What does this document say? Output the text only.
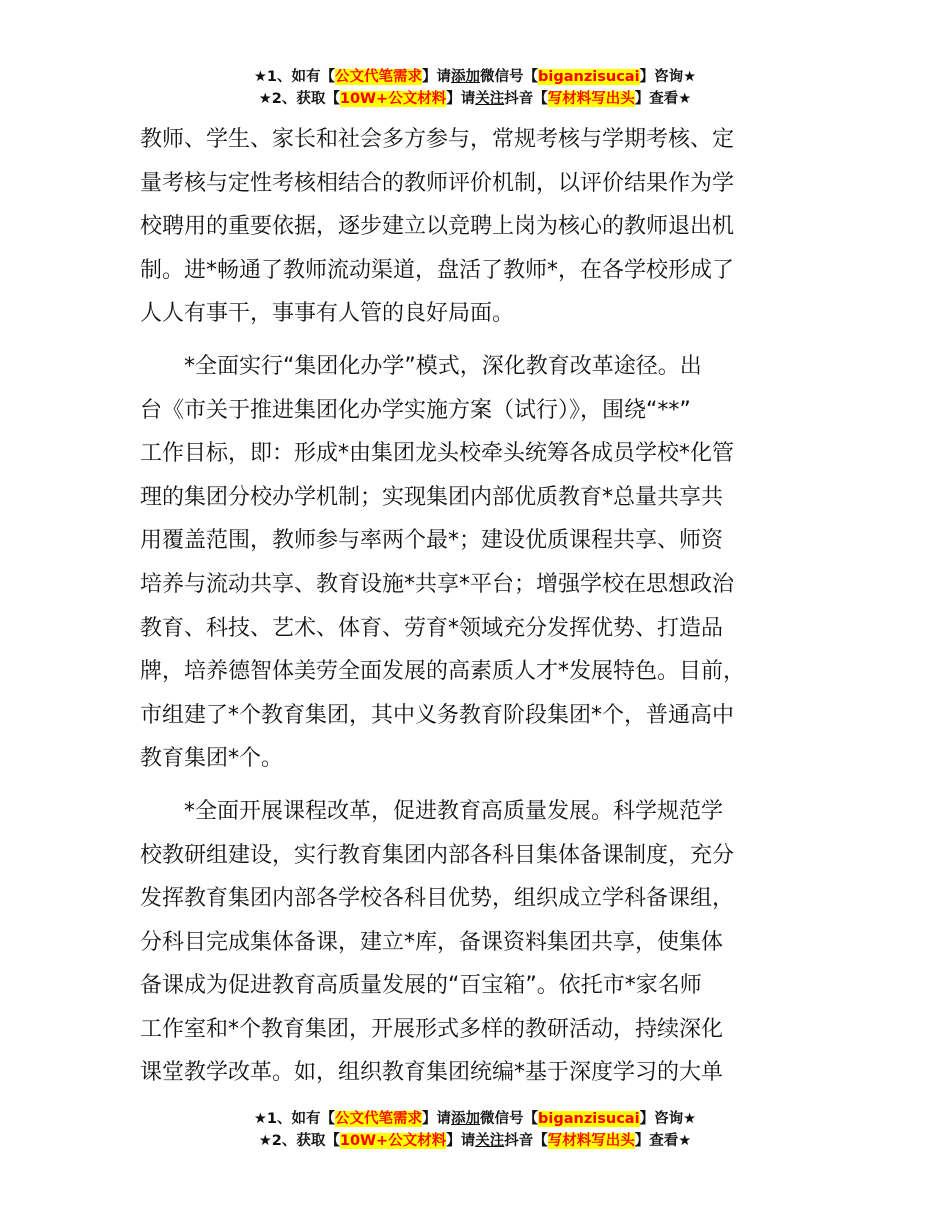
★1、如有【公文代笔需求】请添加微信号【biganzisucai】咨询★
★2、获取【10W+公文材料】请关注抖音【写材料写出头】查看★
教师、学生、家长和社会多方参与，常规考核与学期考核、定
量考核与定性考核相结合的教师评价机制，以评价结果作为学
校聘用的重要依据，逐步建立以竞聘上岗为核心的教师退出机
制。进*畅通了教师流动渠道，盘活了教师*，在各学校形成了
人人有事干，事事有人管的良好局面。
*全面实行“集团化办学”模式，深化教育改革途径。出
台《市关于推进集团化办学实施方案（试行）》，围绕“**”
工作目标，即：形成*由集团龙头校牵头统筹各成员学校*化管
理的集团分校办学机制；实现集团内部优质教育*总量共享共
用覆盖范围，教师参与率两个最*；建设优质课程共享、师资
培养与流动共享、教育设施*共享*平台；增强学校在思想政治
教育、科技、艺术、体育、劳育*领域充分发挥优势、打造品
牌，培养德智体美劳全面发展的高素质人才*发展特色。目前，
市组建了*个教育集团，其中义务教育阶段集团*个，普通高中
教育集团*个。
*全面开展课程改革，促进教育高质量发展。科学规范学
校教研组建设，实行教育集团内部各科目集体备课制度，充分
发挥教育集团内部各学校各科目优势，组织成立学科备课组，
分科目完成集体备课，建立*库，备课资料集团共享，使集体
备课成为促进教育高质量发展的“百宝箱”。依托市*家名师
工作室和*个教育集团，开展形式多样的教研活动，持续深化
课堂教学改革。如，组织教育集团统编*基于深度学习的大单
★1、如有【公文代笔需求】请添加微信号【biganzisucai】咨询★
★2、获取【10W+公文材料】请关注抖音【写材料写出头】查看★
